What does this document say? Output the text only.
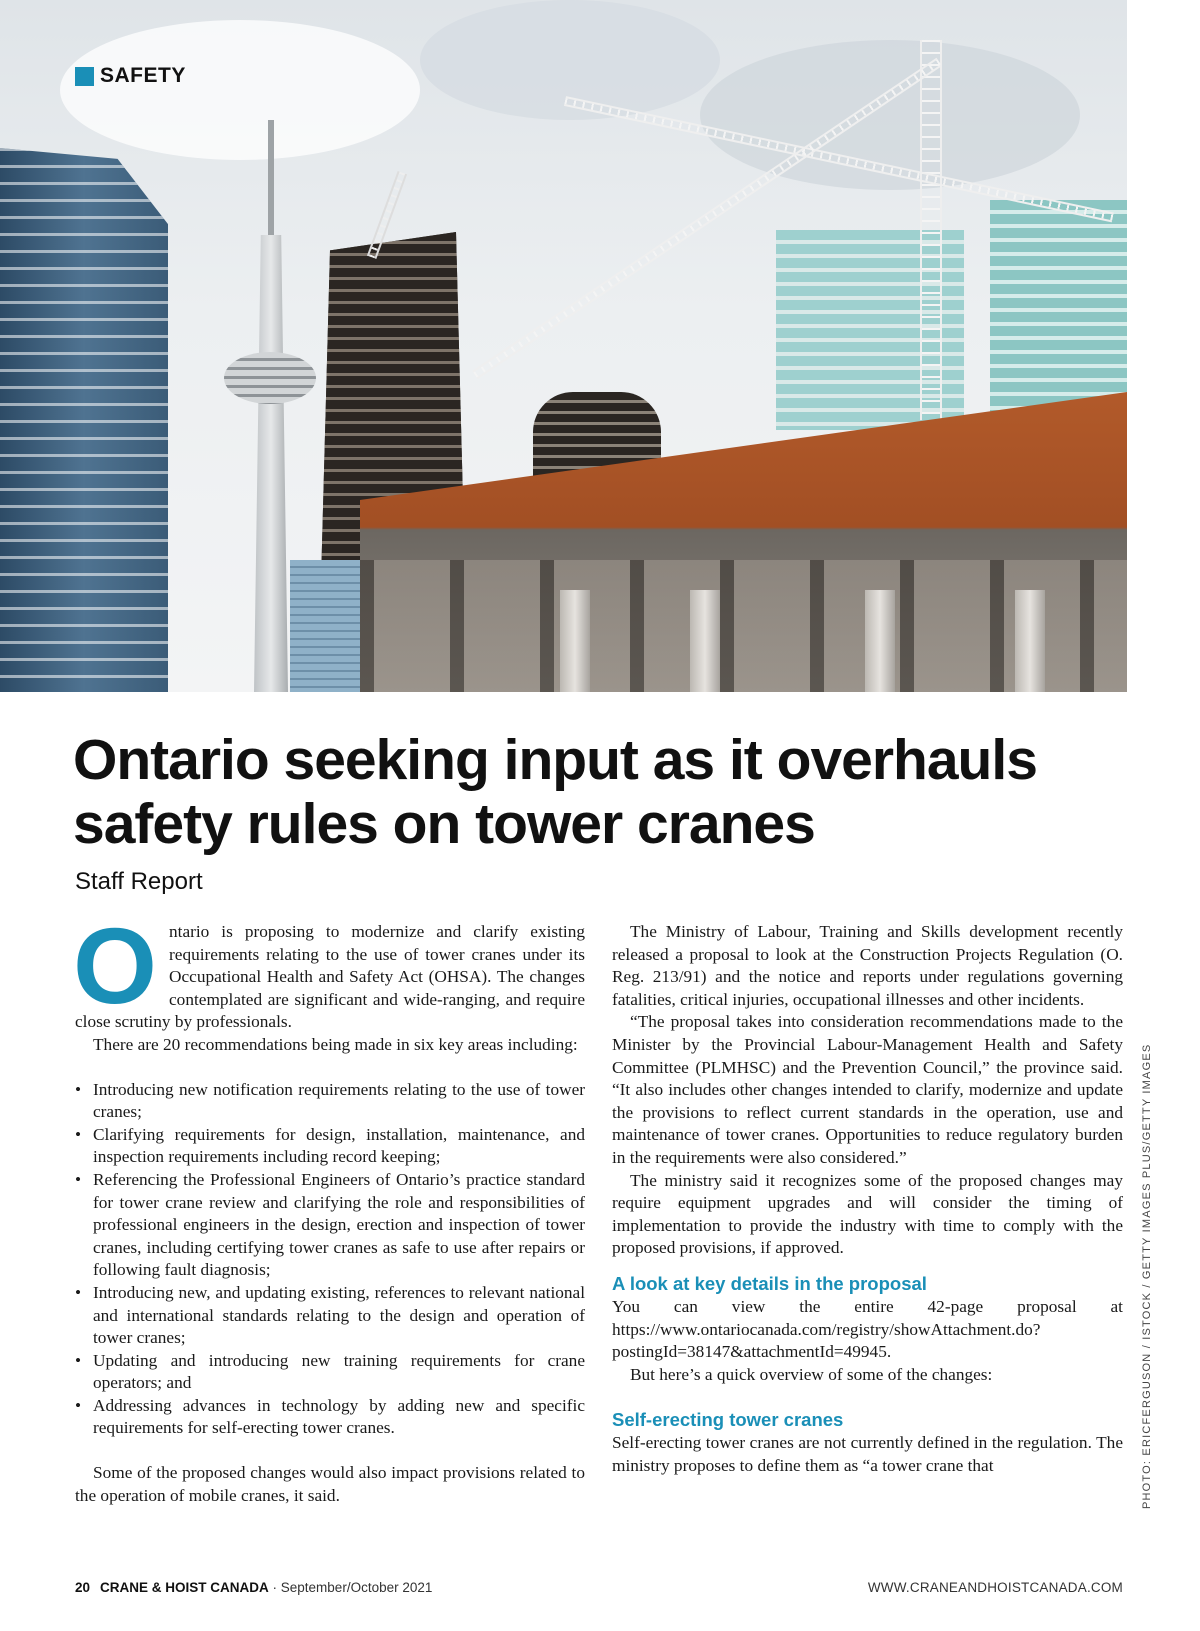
SAFETY
Ontario seeking input as it overhauls safety rules on tower cranes
Staff Report

Ontario is proposing to modernize and clarify existing requirements relating to the use of tower cranes under its Occupational Health and Safety Act (OHSA). The changes contemplated are significant and wide-ranging, and require close scrutiny by professionals.

There are 20 recommendations being made in six key areas including:

• Introducing new notification requirements relating to the use of tower cranes;
• Clarifying requirements for design, installation, maintenance, and inspection requirements including record keeping;
• Referencing the Professional Engineers of Ontario’s practice standard for tower crane review and clarifying the role and responsibilities of professional engineers in the design, erection and inspection of tower cranes, including certifying tower cranes as safe to use after repairs or following fault diagnosis;
• Introducing new, and updating existing, references to relevant national and international standards relating to the design and operation of tower cranes;
• Updating and introducing new training requirements for crane operators; and
• Addressing advances in technology by adding new and specific requirements for self-erecting tower cranes.

Some of the proposed changes would also impact provisions related to the operation of mobile cranes, it said.

The Ministry of Labour, Training and Skills development recently released a proposal to look at the Construction Projects Regulation (O. Reg. 213/91) and the notice and reports under regulations governing fatalities, critical injuries, occupational illnesses and other incidents.

“The proposal takes into consideration recommendations made to the Minister by the Provincial Labour-Management Health and Safety Committee (PLMHSC) and the Prevention Council,” the province said. “It also includes other changes intended to clarify, modernize and update the provisions to reflect current standards in the operation, use and maintenance of tower cranes. Opportunities to reduce regulatory burden in the requirements were also considered.”

The ministry said it recognizes some of the proposed changes may require equipment upgrades and will consider the timing of implementation to provide the industry with time to comply with the proposed provisions, if approved.

A look at key details in the proposal

You can view the entire 42-page proposal at https://www.ontariocanada.com/registry/showAttachment.do?postingId=38147&attachmentId=49945.

But here’s a quick overview of some of the changes:

Self-erecting tower cranes

Self-erecting tower cranes are not currently defined in the regulation. The ministry proposes to define them as “a tower crane that	PHOTO: ERICFERGUSON / ISTOCK / GETTY IMAGES PLUS/GETTY IMAGES
20 CRANE & HOIST CANADA · September/October 2021	WWW.CRANEANDHOISTCANADA.COM
